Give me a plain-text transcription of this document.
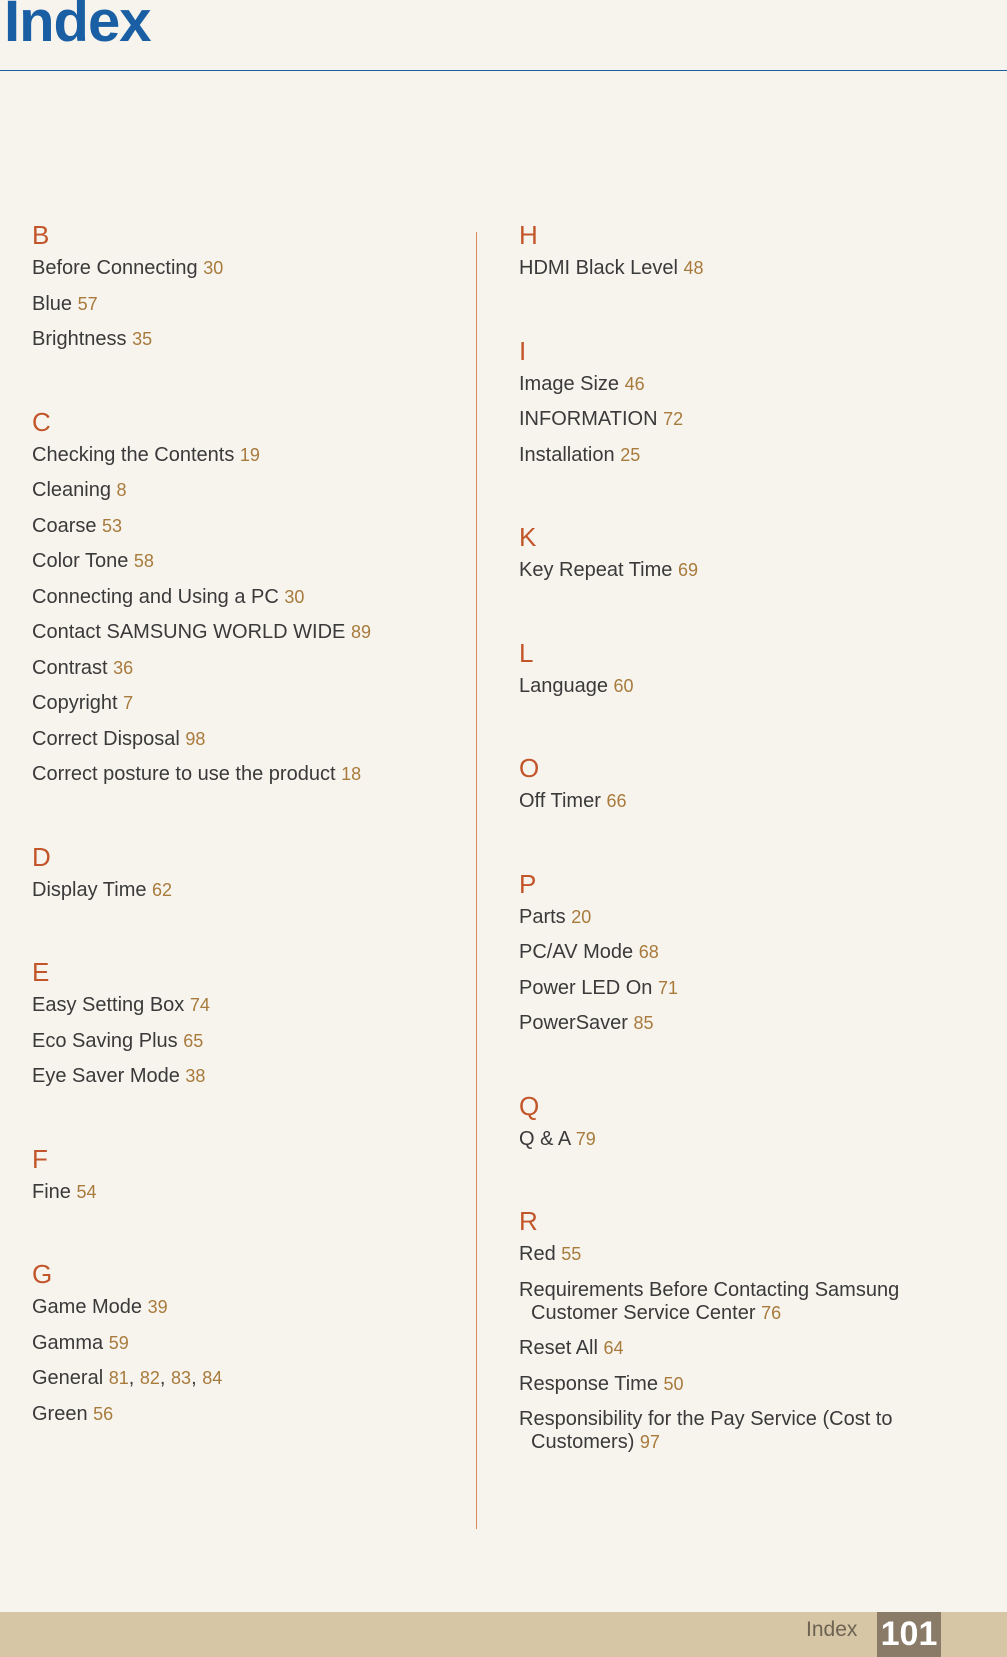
Index
B
Before Connecting 30
Blue 57
Brightness 35
C
Checking the Contents 19
Cleaning 8
Coarse 53
Color Tone 58
Connecting and Using a PC 30
Contact SAMSUNG WORLD WIDE 89
Contrast 36
Copyright 7
Correct Disposal 98
Correct posture to use the product 18
D
Display Time 62
E
Easy Setting Box 74
Eco Saving Plus 65
Eye Saver Mode 38
F
Fine 54
G
Game Mode 39
Gamma 59
General 81, 82, 83, 84
Green 56
H
HDMI Black Level 48
I
Image Size 46
INFORMATION 72
Installation 25
K
Key Repeat Time 69
L
Language 60
O
Off Timer 66
P
Parts 20
PC/AV Mode 68
Power LED On 71
PowerSaver 85
Q
Q & A 79
R
Red 55
Requirements Before Contacting Samsung Customer Service Center 76
Reset All 64
Response Time 50
Responsibility for the Pay Service (Cost to Customers) 97
Index 101
